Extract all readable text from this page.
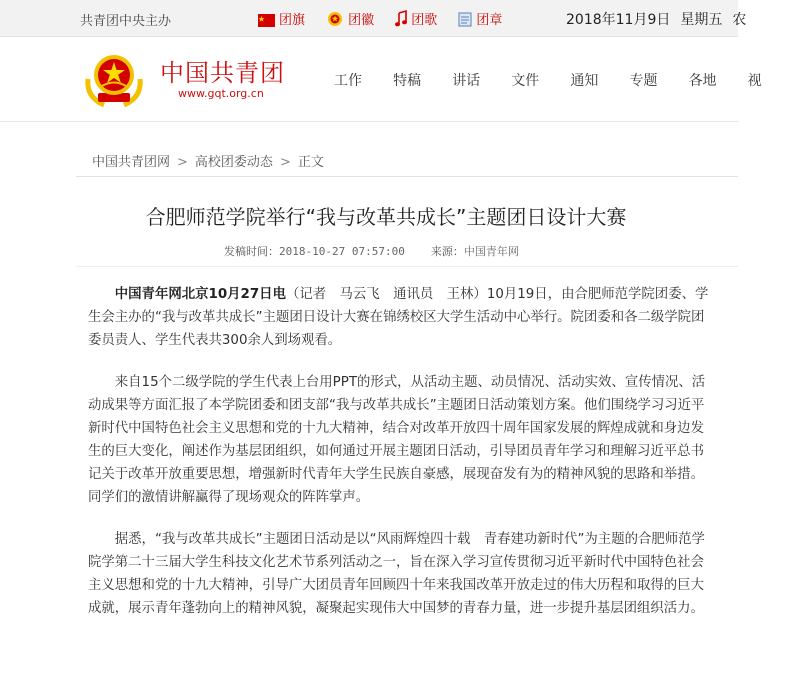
共青团中央主办	团旗	团徽	团歌	团章	2018年11月9日 星期五 农
中国共青团
www.gqt.org.cn
工作 特稿 讲话 文件 通知 专题 各地 视
中国共青团网 > 高校团委动态 > 正文
合肥师范学院举行“我与改革共成长”主题团日设计大赛
发稿时间：2018-10-27 07:57:00 来源：中国青年网

　　中国青年网北京10月27日电（记者　马云飞　通讯员　王林）10月19日，由合肥师范学院团委、学生会主办的“我与改革共成长”主题团日设计大赛在锦绣校区大学生活动中心举行。院团委和各二级学院团委员责人、学生代表共300余人到场观看。

　　来自15个二级学院的学生代表上台用PPT的形式，从活动主题、动员情况、活动实效、宣传情况、活动成果等方面汇报了本学院团委和团支部“我与改革共成长”主题团日活动策划方案。他们围绕学习习近平新时代中国特色社会主义思想和党的十九大精神，结合对改革开放四十周年国家发展的辉煌成就和身边发生的巨大变化，阐述作为基层团组织，如何通过开展主题团日活动，引导团员青年学习和理解习近平总书记关于改革开放重要思想，增强新时代青年大学生民族自豪感，展现奋发有为的精神风貌的思路和举措。同学们的激情讲解赢得了现场观众的阵阵掌声。

　　据悉，“我与改革共成长”主题团日活动是以“风雨辉煌四十载　青春建功新时代”为主题的合肥师范学院学第二十三届大学生科技文化艺术节系列活动之一，旨在深入学习宣传贯彻习近平新时代中国特色社会主义思想和党的十九大精神，引导广大团员青年回顾四十年来我国改革开放走过的伟大历程和取得的巨大成就，展示青年蓬勃向上的精神风貌，凝聚起实现伟大中国梦的青春力量，进一步提升基层团组织活力。
